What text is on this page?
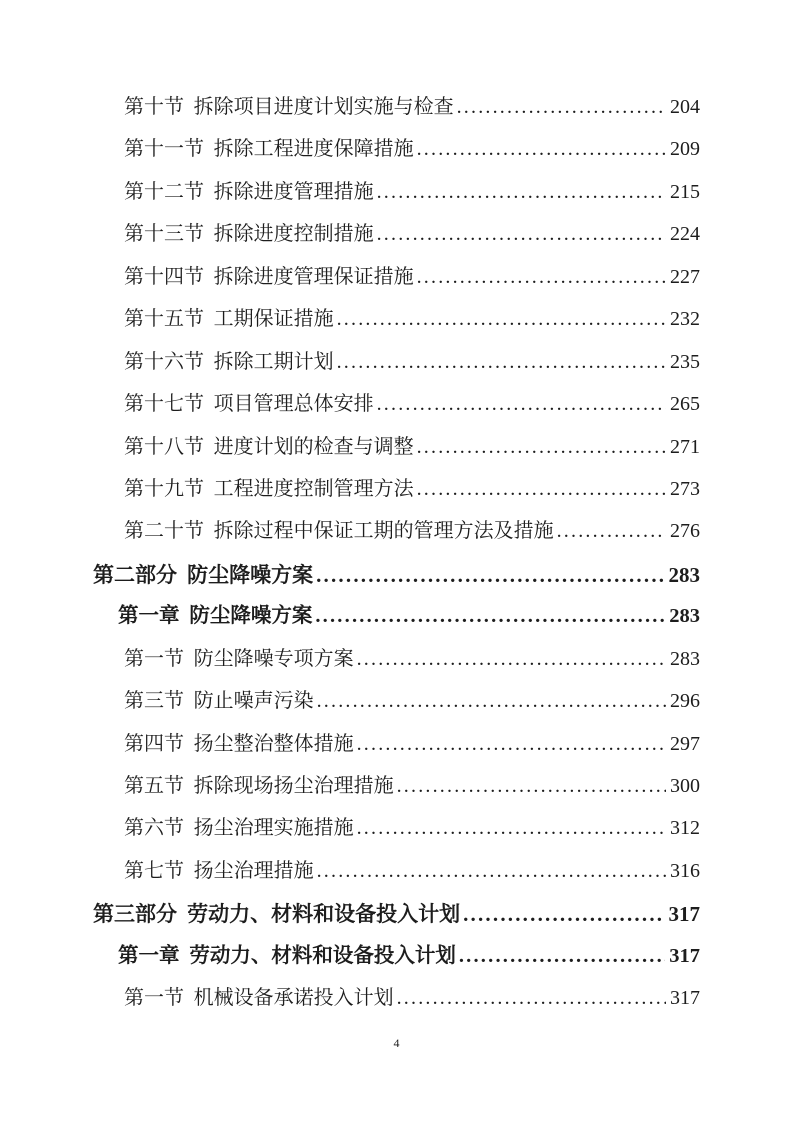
第十节 拆除项目进度计划实施与检查 .....	204
第十一节 拆除工程进度保障措施 .....	209
第十二节 拆除进度管理措施 .....	215
第十三节 拆除进度控制措施 .....	224
第十四节 拆除进度管理保证措施 .....	227
第十五节 工期保证措施 .....	232
第十六节 拆除工期计划 .....	235
第十七节 项目管理总体安排 .....	265
第十八节 进度计划的检查与调整 .....	271
第十九节 工程进度控制管理方法 .....	273
第二十节 拆除过程中保证工期的管理方法及措施 .....	276
第二部分 防尘降噪方案 .....	283
第一章 防尘降噪方案 .....	283
第一节 防尘降噪专项方案 .....	283
第三节 防止噪声污染 .....	296
第四节 扬尘整治整体措施 .....	297
第五节 拆除现场扬尘治理措施 .....	300
第六节 扬尘治理实施措施 .....	312
第七节 扬尘治理措施 .....	316
第三部分 劳动力、材料和设备投入计划 .....	317
第一章 劳动力、材料和设备投入计划 .....	317
第一节 机械设备承诺投入计划 .....	317
4
